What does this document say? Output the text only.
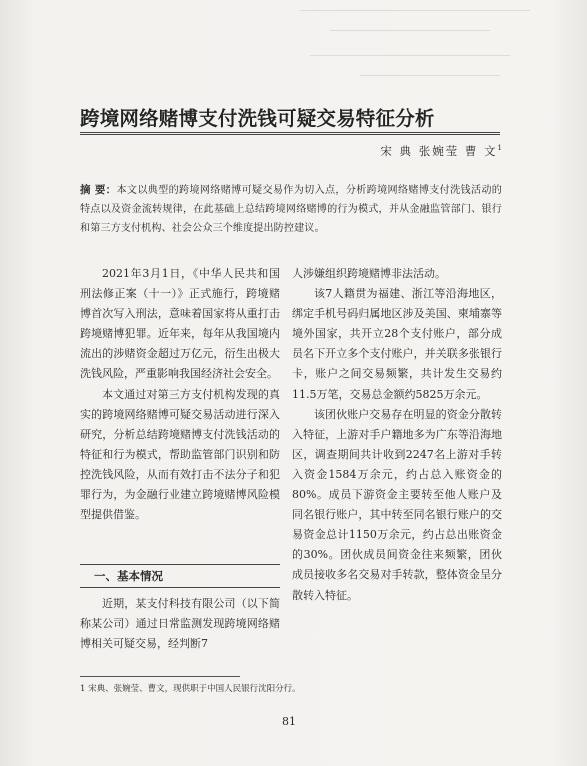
跨境网络赌博支付洗钱可疑交易特征分析
宋 典 张婉莹 曹 文$^1$
摘 要：本文以典型的跨境网络赌博可疑交易作为切入点，分析跨境网络赌博支付洗钱活动的特点以及资金流转规律，在此基础上总结跨境网络赌博的行为模式，并从金融监管部门、银行和第三方支付机构、社会公众三个维度提出防控建议。

2021年3月1日，《中华人民共和国刑法修正案（十一）》正式施行，跨境赌博首次写入刑法，意味着国家将从重打击跨境赌博犯罪。近年来，每年从我国境内流出的涉赌资金超过万亿元，衍生出极大洗钱风险，严重影响我国经济社会安全。

本文通过对第三方支付机构发现的真实的跨境网络赌博可疑交易活动进行深入研究，分析总结跨境赌博支付洗钱活动的特征和行为模式，帮助监管部门识别和防控洗钱风险，从而有效打击不法分子和犯罪行为，为金融行业建立跨境赌博风险模型提供借鉴。

一、基本情况

近期，某支付科技有限公司（以下简称某公司）通过日常监测发现跨境网络赌博相关可疑交易，经判断7

人涉嫌组织跨境赌博非法活动。

该7人籍贯为福建、浙江等沿海地区，绑定手机号码归属地区涉及美国、柬埔寨等境外国家，共开立28个支付账户，部分成员名下开立多个支付账户，并关联多张银行卡，账户之间交易频繁，共计发生交易约11.5万笔，交易总金额约5825万余元。

该团伙账户交易存在明显的资金分散转入特征，上游对手户籍地多为广东等沿海地区，调查期间共计收到2247名上游对手转入资金1584万余元，约占总入账资金的80%。成员下游资金主要转至他人账户及同名银行账户，其中转至同名银行账户的交易资金总计1150万余元，约占总出账资金的30%。团伙成员间资金往来频繁，团伙成员接收多名交易对手转款，整体资金呈分散转入特征。

1 宋典、张婉莹、曹文，现供职于中国人民银行沈阳分行。
81
